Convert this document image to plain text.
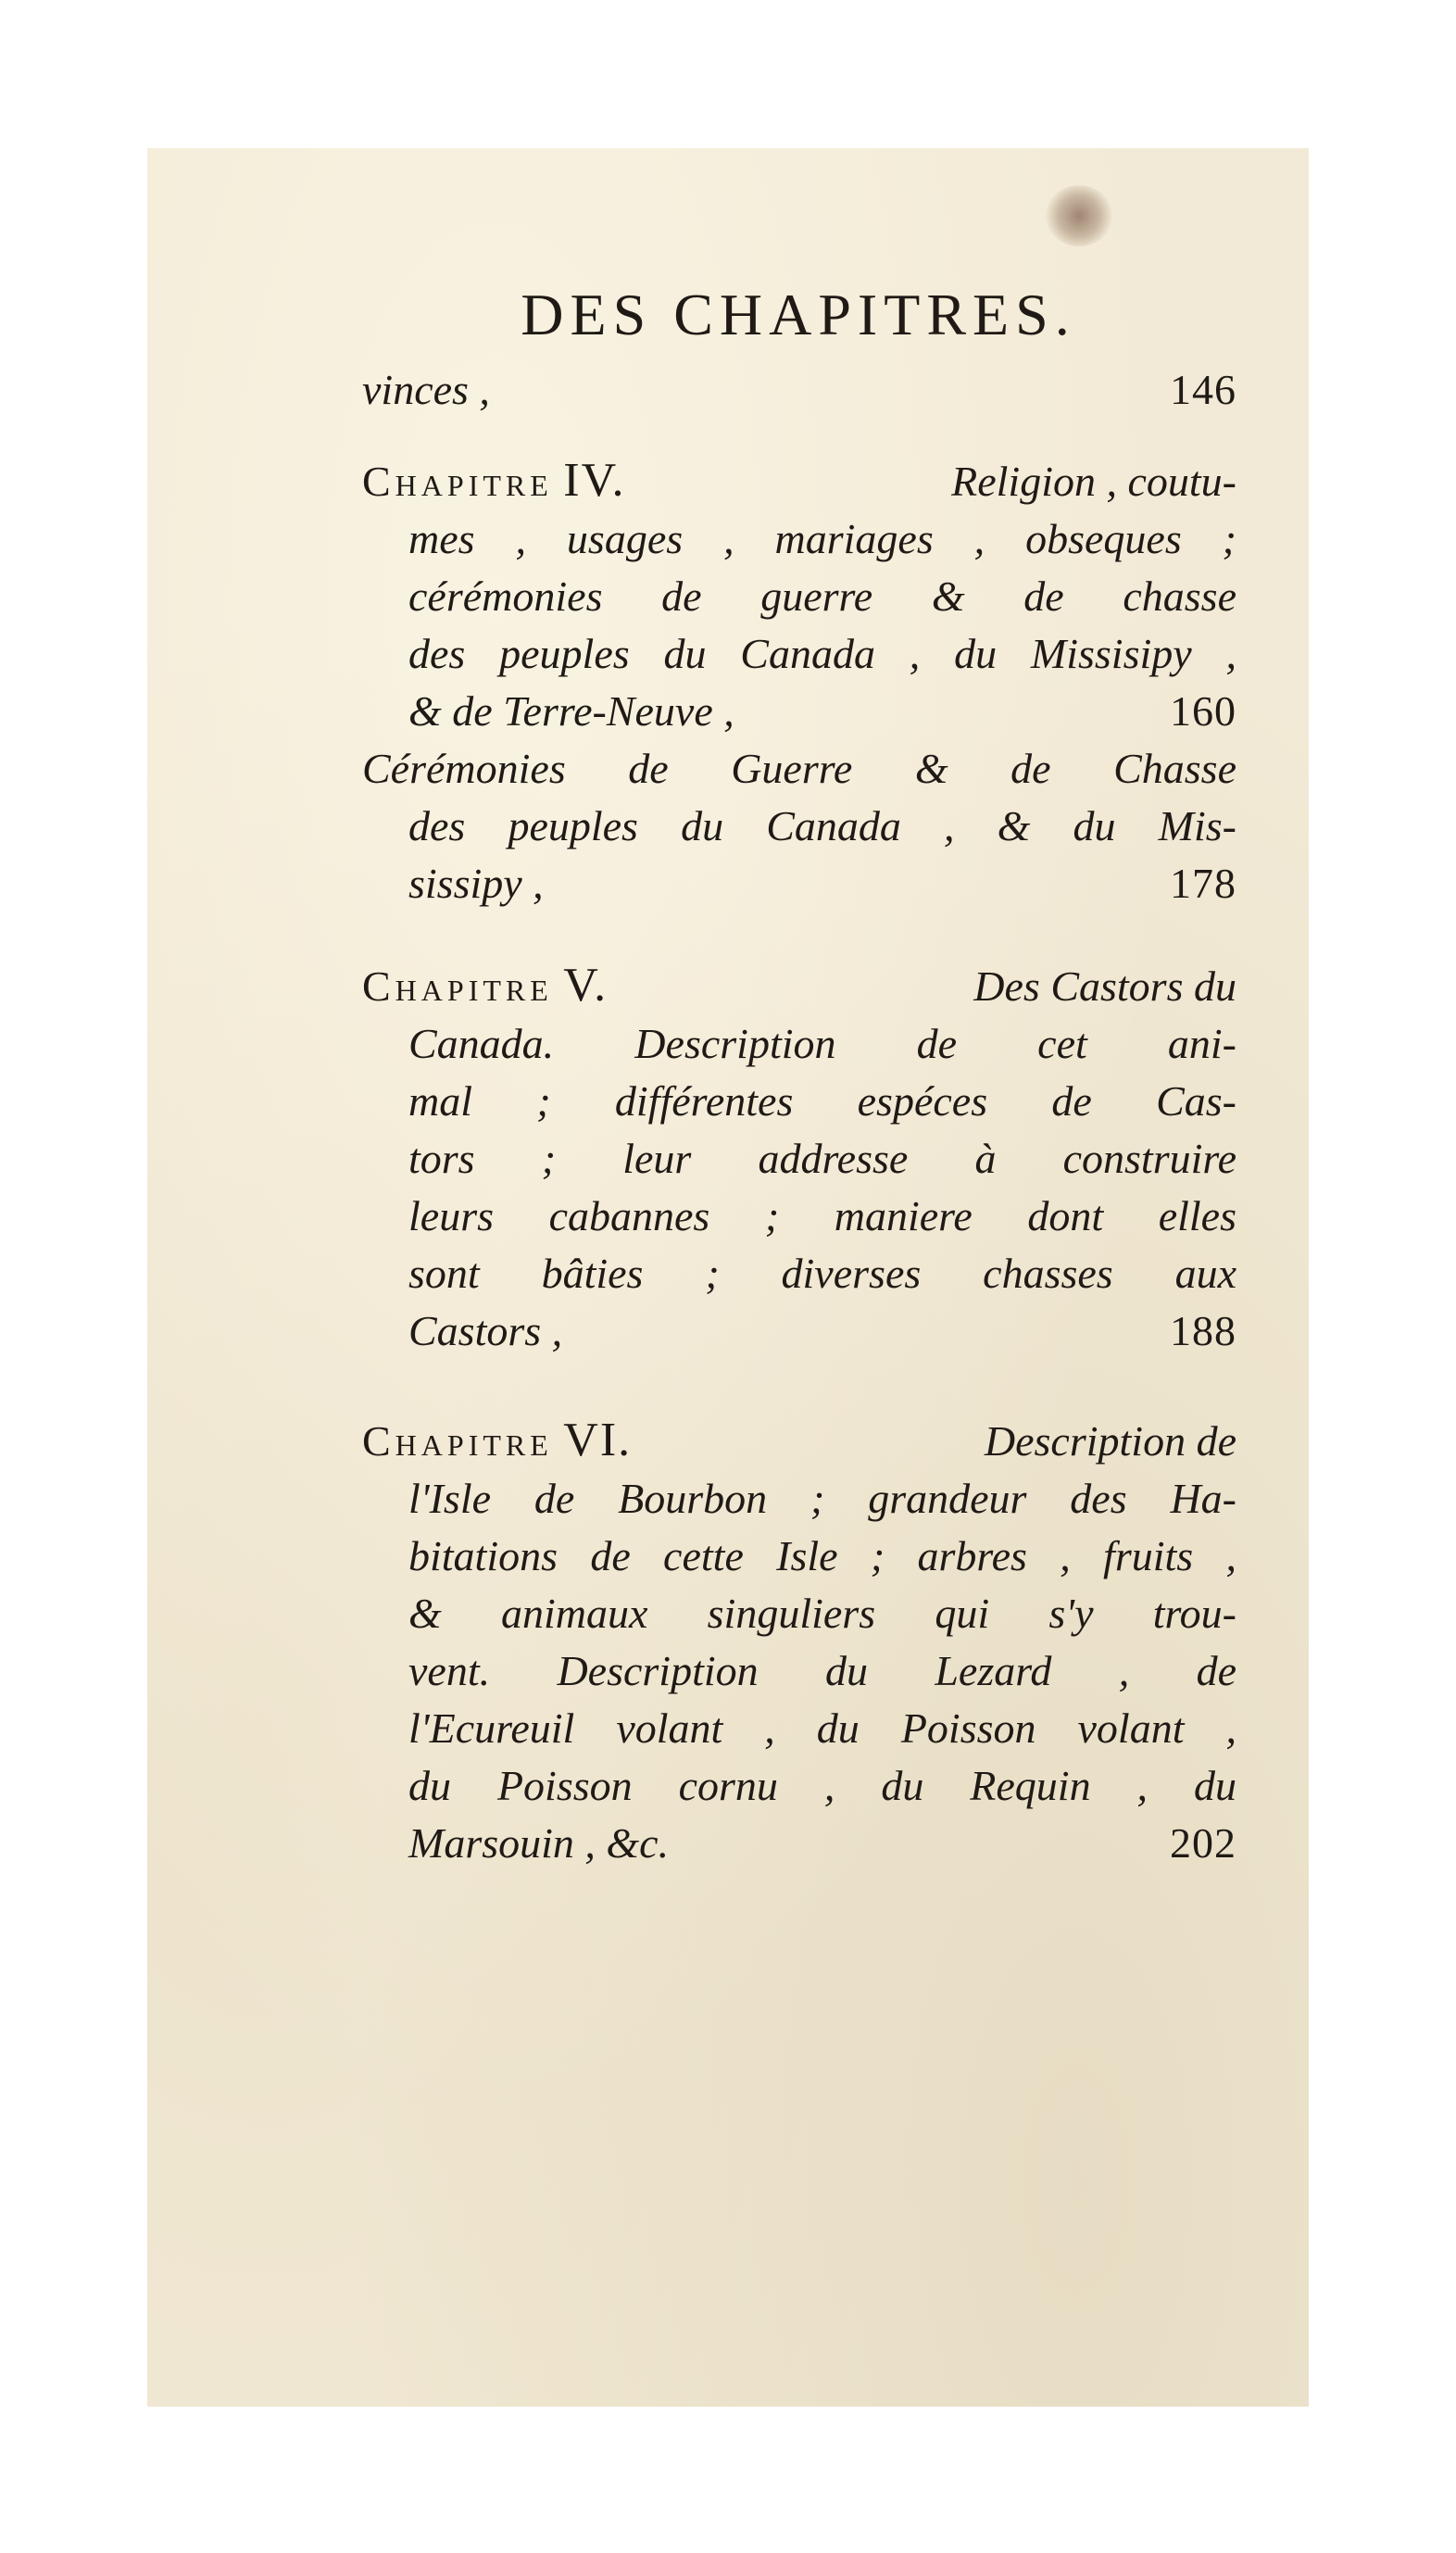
DES CHAPITRES.
vinces ,	146
Chapitre IV.	Religion , coutu-
mes , usages , mariages , obseques ;
cérémonies de guerre & de chasse
des peuples du Canada , du Missisipy ,
& de Terre-Neuve ,	160
Cérémonies de Guerre & de Chasse
des peuples du Canada , & du Mis-
sissipy ,	178
Chapitre V.	Des Castors du
Canada. Description de cet ani-
mal ; différentes espéces de Cas-
tors ; leur addresse à construire
leurs cabannes ; maniere dont elles
sont bâties ; diverses chasses aux
Castors ,	188
Chapitre VI.	Description de
l'Isle de Bourbon ; grandeur des Ha-
bitations de cette Isle ; arbres , fruits ,
& animaux singuliers qui s'y trou-
vent. Description du Lezard , de
l'Ecureuil volant , du Poisson volant ,
du Poisson cornu , du Requin , du
Marsouin , &c.	202
